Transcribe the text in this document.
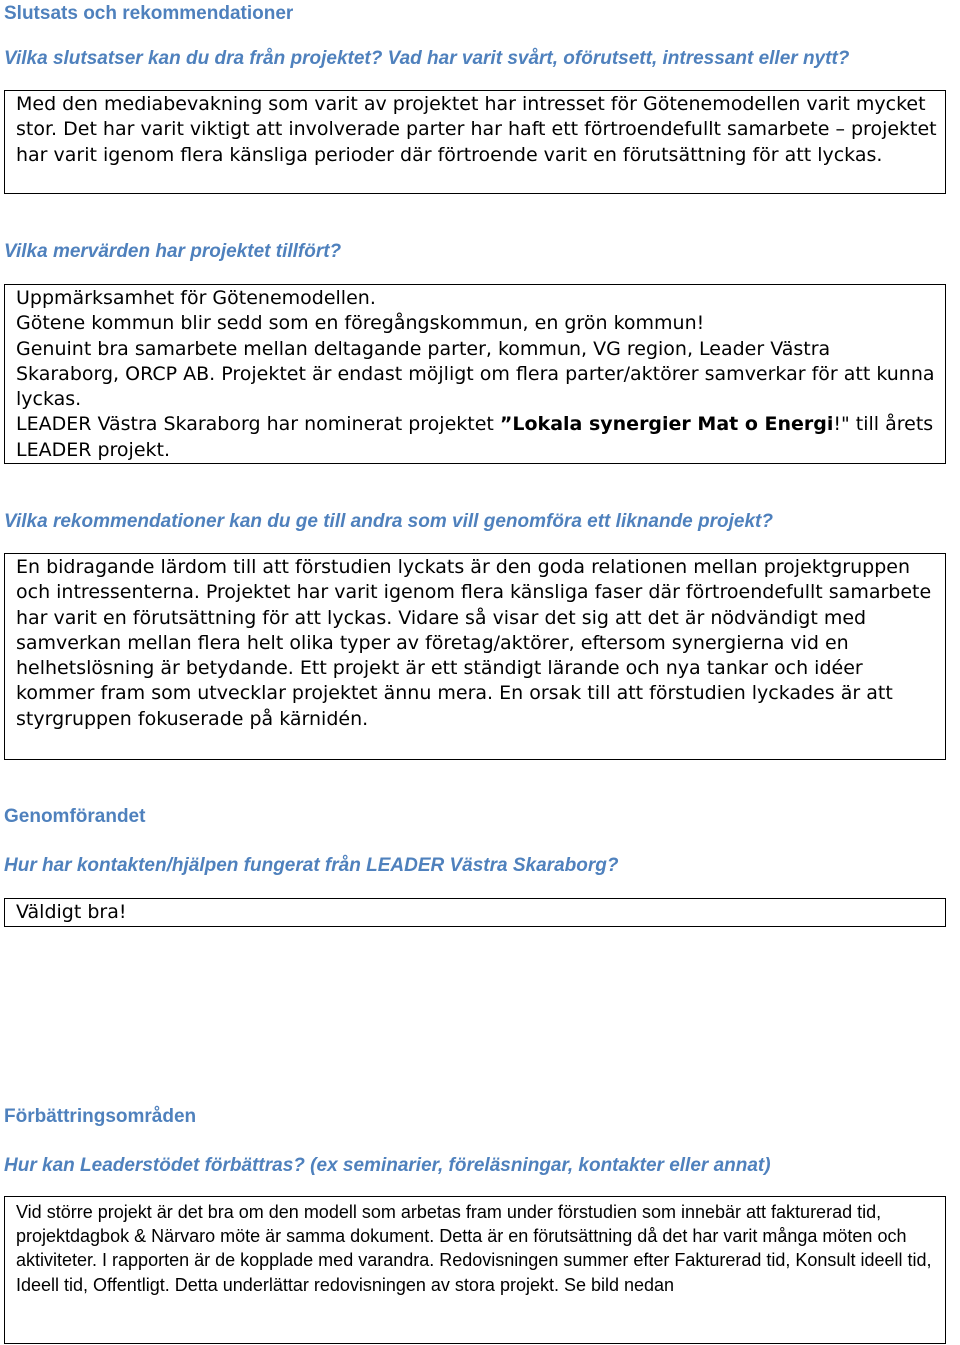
Slutsats och rekommendationer
Vilka slutsatser kan du dra från projektet? Vad har varit svårt, oförutsett, intressant eller nytt?

Med den mediabevakning som varit av projektet har intresset för Götenemodellen varit mycket stor. Det har varit viktigt att involverade parter har haft ett förtroendefullt samarbete – projektet har varit igenom flera känsliga perioder där förtroende varit en förutsättning för att lyckas.

Vilka mervärden har projektet tillfört?

Uppmärksamhet för Götenemodellen.

Götene kommun blir sedd som en föregångskommun, en grön kommun!

Genuint bra samarbete mellan deltagande parter, kommun, VG region, Leader Västra Skaraborg, ORCP AB. Projektet är endast möjligt om flera parter/aktörer samverkar för att kunna lyckas.

LEADER Västra Skaraborg har nominerat projektet ”Lokala synergier Mat o Energi!" till årets LEADER projekt.

Vilka rekommendationer kan du ge till andra som vill genomföra ett liknande projekt?

En bidragande lärdom till att förstudien lyckats är den goda relationen mellan projektgruppen och intressenterna. Projektet har varit igenom flera känsliga faser där förtroendefullt samarbete har varit en förutsättning för att lyckas. Vidare så visar det sig att det är nödvändigt med samverkan mellan flera helt olika typer av företag/aktörer, eftersom synergierna vid en helhetslösning är betydande. Ett projekt är ett ständigt lärande och nya tankar och idéer kommer fram som utvecklar projektet ännu mera. En orsak till att förstudien lyckades är att styrgruppen fokuserade på kärnidén.

Genomförandet
Hur har kontakten/hjälpen fungerat från LEADER Västra Skaraborg?

Väldigt bra!

Förbättringsområden
Hur kan Leaderstödet förbättras? (ex seminarier, föreläsningar, kontakter eller annat)

Vid större projekt är det bra om den modell som arbetas fram under förstudien som innebär att fakturerad tid, projektdagbok & Närvaro möte är samma dokument. Detta är en förutsättning då det har varit många möten och aktiviteter. I rapporten är de kopplade med varandra. Redovisningen summer efter Fakturerad tid, Konsult ideell tid, Ideell tid, Offentligt. Detta underlättar redovisningen av stora projekt. Se bild nedan
